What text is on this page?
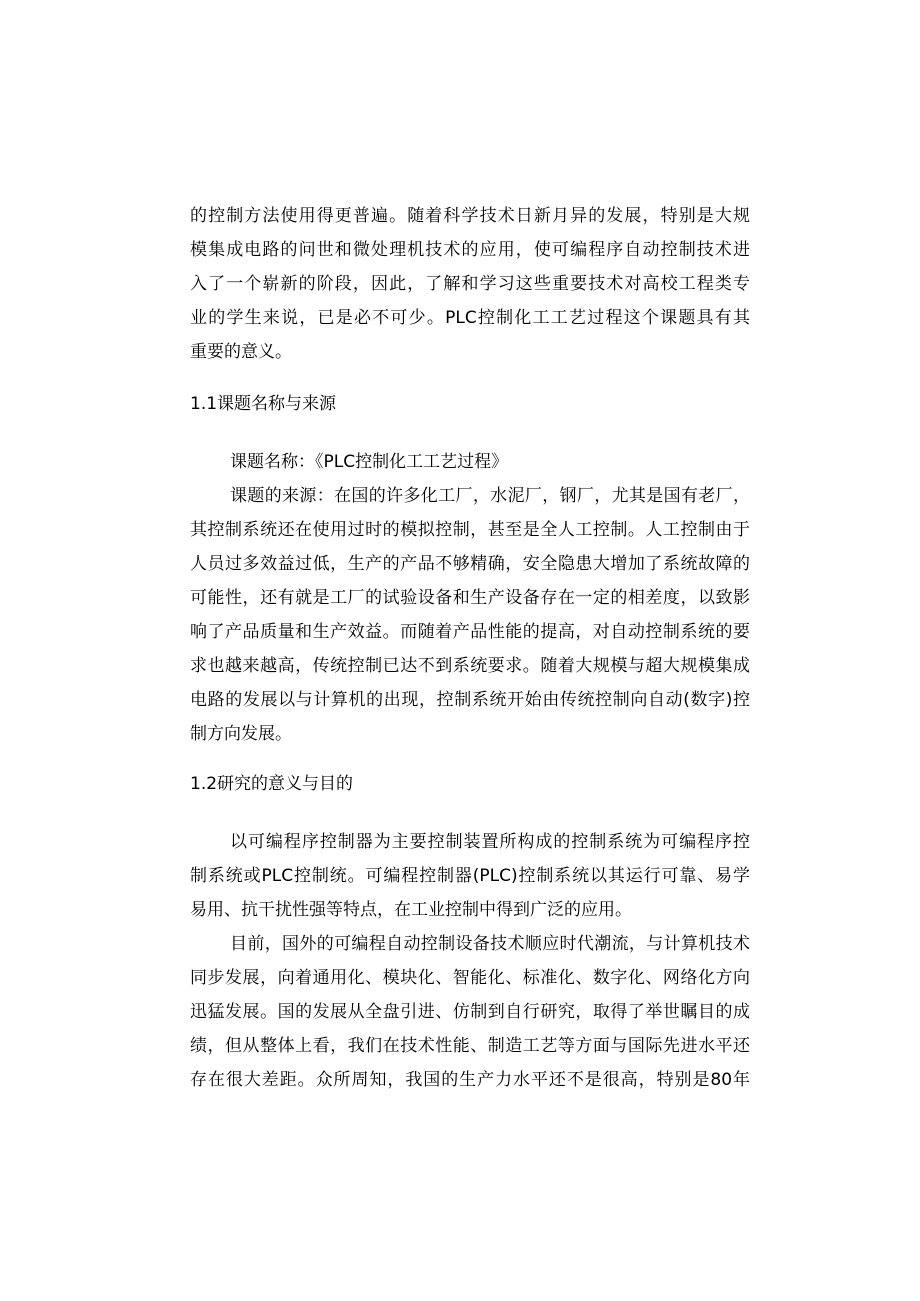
的控制方法使用得更普遍。随着科学技术日新月异的发展，特别是大规
模集成电路的问世和微处理机技术的应用，使可编程序自动控制技术进
入了一个崭新的阶段，因此，了解和学习这些重要技术对高校工程类专
业的学生来说，已是必不可少。PLC控制化工工艺过程这个课题具有其
重要的意义。
1.1课题名称与来源
课题名称：《PLC控制化工工艺过程》
课题的来源：在国的许多化工厂，水泥厂，钢厂，尤其是国有老厂，
其控制系统还在使用过时的模拟控制，甚至是全人工控制。人工控制由于
人员过多效益过低，生产的产品不够精确，安全隐患大增加了系统故障的
可能性，还有就是工厂的试验设备和生产设备存在一定的相差度，以致影
响了产品质量和生产效益。而随着产品性能的提高，对自动控制系统的要
求也越来越高，传统控制已达不到系统要求。随着大规模与超大规模集成
电路的发展以与计算机的出现，控制系统开始由传统控制向自动(数字)控
制方向发展。
1.2研究的意义与目的
以可编程序控制器为主要控制装置所构成的控制系统为可编程序控
制系统或PLC控制统。可编程控制器(PLC)控制系统以其运行可靠、易学
易用、抗干扰性强等特点，在工业控制中得到广泛的应用。
目前，国外的可编程自动控制设备技术顺应时代潮流，与计算机技术
同步发展，向着通用化、模块化、智能化、标准化、数字化、网络化方向
迅猛发展。国的发展从全盘引进、仿制到自行研究，取得了举世瞩目的成
绩，但从整体上看，我们在技术性能、制造工艺等方面与国际先进水平还
存在很大差距。众所周知，我国的生产力水平还不是很高，特别是80年
